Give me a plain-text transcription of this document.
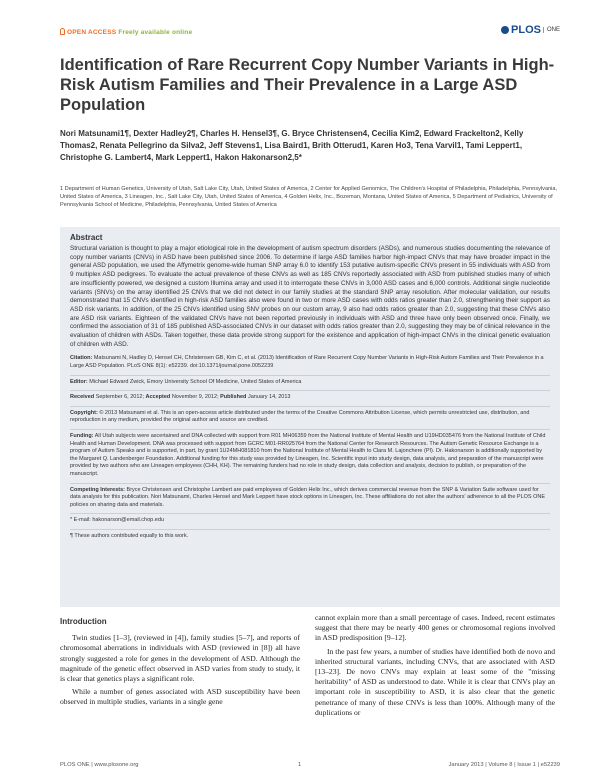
OPEN ACCESS Freely available online	PLOS ONE
Identification of Rare Recurrent Copy Number Variants in High-Risk Autism Families and Their Prevalence in a Large ASD Population
Nori Matsunami1¶, Dexter Hadley2¶, Charles H. Hensel3¶, G. Bryce Christensen4, Cecilia Kim2, Edward Frackelton2, Kelly Thomas2, Renata Pellegrino da Silva2, Jeff Stevens1, Lisa Baird1, Brith Otterud1, Karen Ho3, Tena Varvil1, Tami Leppert1, Christophe G. Lambert4, Mark Leppert1, Hakon Hakonarson2,5*
1 Department of Human Genetics, University of Utah, Salt Lake City, Utah, United States of America, 2 Center for Applied Genomics, The Children's Hospital of Philadelphia, Philadelphia, Pennsylvania, United States of America, 3 Lineagen, Inc., Salt Lake City, Utah, United States of America, 4 Golden Helix, Inc., Bozeman, Montana, United States of America, 5 Department of Pediatrics, University of Pennsylvania School of Medicine, Philadelphia, Pennsylvania, United States of America
Abstract
Structural variation is thought to play a major etiological role in the development of autism spectrum disorders (ASDs), and numerous studies documenting the relevance of copy number variants (CNVs) in ASD have been published since 2006. To determine if large ASD families harbor high-impact CNVs that may have broader impact in the general ASD population, we used the Affymetrix genome-wide human SNP array 6.0 to identify 153 putative autism-specific CNVs present in 55 individuals with ASD from 9 multiplex ASD pedigrees. To evaluate the actual prevalence of these CNVs as well as 185 CNVs reportedly associated with ASD from published studies many of which are insufficiently powered, we designed a custom Illumina array and used it to interrogate these CNVs in 3,000 ASD cases and 6,000 controls. Additional single nucleotide variants (SNVs) on the array identified 25 CNVs that we did not detect in our family studies at the standard SNP array resolution. After molecular validation, our results demonstrated that 15 CNVs identified in high-risk ASD families also were found in two or more ASD cases with odds ratios greater than 2.0, strengthening their support as ASD risk variants. In addition, of the 25 CNVs identified using SNV probes on our custom array, 9 also had odds ratios greater than 2.0, suggesting that these CNVs also are ASD risk variants. Eighteen of the validated CNVs have not been reported previously in individuals with ASD and three have only been observed once. Finally, we confirmed the association of 31 of 185 published ASD-associated CNVs in our dataset with odds ratios greater than 2.0, suggesting they may be of clinical relevance in the evaluation of children with ASDs. Taken together, these data provide strong support for the existence and application of high-impact CNVs in the clinical genetic evaluation of children with ASD.

Citation: Matsunami N, Hadley D, Hensel CH, Christensen GB, Kim C, et al. (2013) Identification of Rare Recurrent Copy Number Variants in High-Risk Autism Families and Their Prevalence in a Large ASD Population. PLoS ONE 8(1): e52239. doi:10.1371/journal.pone.0052239

Editor: Michael Edward Zwick, Emory University School Of Medicine, United States of America

Received September 6, 2012; Accepted November 9, 2012; Published January 14, 2013

Copyright: © 2013 Matsunami et al. This is an open-access article distributed under the terms of the Creative Commons Attribution License, which permits unrestricted use, distribution, and reproduction in any medium, provided the original author and source are credited.

Funding: All Utah subjects were ascertained and DNA collected with support from R01 MH06359 from the National Institute of Mental Health and U19HD035476 from the National Institute of Child Health and Human Development. DNA was processed with support from GCRC M01-RR025764 from the National Center for Research Resources. The Autism Genetic Resource Exchange is a program of Autism Speaks and is supported, in part, by grant 1U24MH081810 from the National Institute of Mental Health to Clara M. Lajonchere (PI). Dr. Hakonarson is additionally supported by the Margaret Q. Landenberger Foundation. Additional funding for this study was provided by Lineagen, Inc. Scientific input into study design, data analysis, and preparation of the manuscript were provided by two authors who are Lineagen employees (CHH, KH). The remaining funders had no role in study design, data collection and analysis, decision to publish, or preparation of the manuscript.

Competing Interests: Bryce Christensen and Christophe Lambert are paid employees of Golden Helix Inc., which derives commercial revenue from the SNP & Variation Suite software used for data analysis for this publication. Nori Matsunami, Charles Hensel and Mark Leppert have stock options in Lineagen, Inc. These affiliations do not alter the authors' adherence to all the PLOS ONE policies on sharing data and materials.

* E-mail: hakonarson@email.chop.edu

¶ These authors contributed equally to this work.

Introduction

Twin studies [1–3], (reviewed in [4]), family studies [5–7], and reports of chromosomal aberrations in individuals with ASD (reviewed in [8]) all have strongly suggested a role for genes in the development of ASD. Although the magnitude of the genetic effect observed in ASD varies from study to study, it is clear that genetics plays a significant role.

While a number of genes associated with ASD susceptibility have been observed in multiple studies, variants in a single gene

cannot explain more than a small percentage of cases. Indeed, recent estimates suggest that there may be nearly 400 genes or chromosomal regions involved in ASD predisposition [9–12].

In the past few years, a number of studies have identified both de novo and inherited structural variants, including CNVs, that are associated with ASD [13–23]. De novo CNVs may explain at least some of the "missing heritability" of ASD as understood to date. While it is clear that CNVs play an important role in susceptibility to ASD, it is also clear that the genetic penetrance of many of these CNVs is less than 100%. Although many of the duplications or

PLOS ONE | www.plosone.org	1	January 2013 | Volume 8 | Issue 1 | e52239
